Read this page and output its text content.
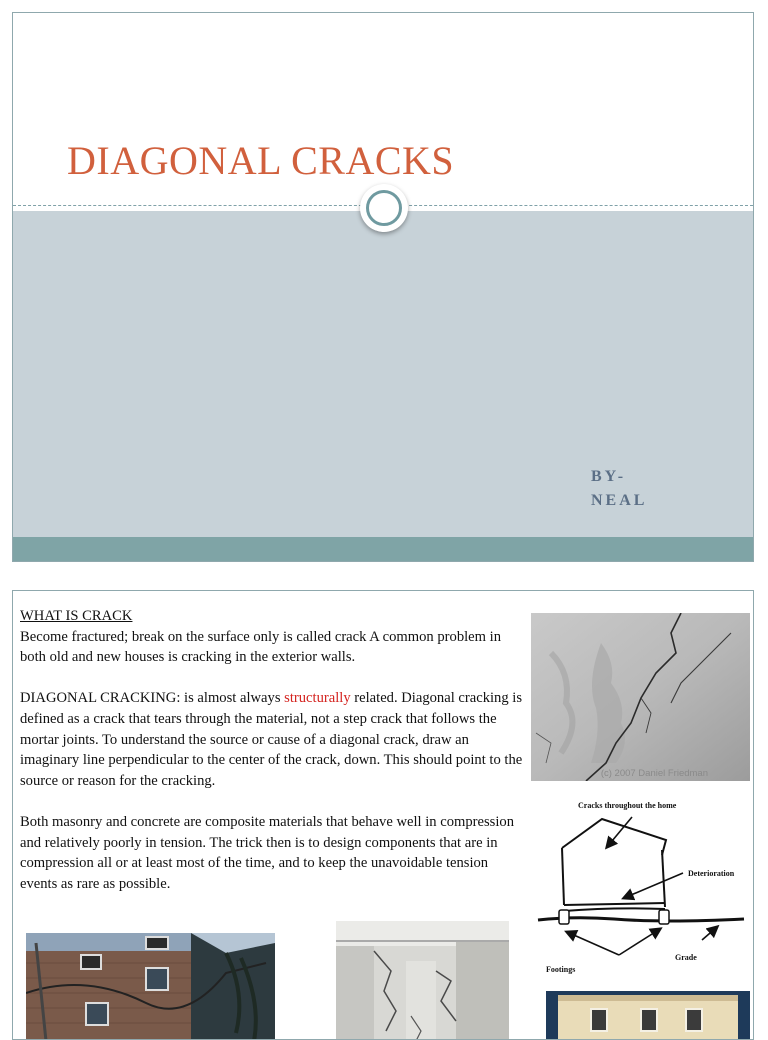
DIAGONAL CRACKS
BY-
NEAL

WHAT IS CRACK

Become fractured; break on the surface only is called crack A common problem in both old and new houses is cracking in the exterior walls.

DIAGONAL CRACKING: is almost always structurally related. Diagonal cracking is defined as a crack that tears through the material, not a step crack that follows the mortar joints. To understand the source or cause of a diagonal crack, draw an imaginary line perpendicular to the center of the crack, down. This should point to the source or reason for the cracking.

Both masonry and concrete are composite materials that behave well in compression and relatively poorly in tension. The trick then is to design components that are in compression all or at least most of the time, and to keep the unavoidable tension events as rare as possible.

(c) 2007 Daniel Friedman
Cracks throughout the home
Deterioration
Grade
Footings
